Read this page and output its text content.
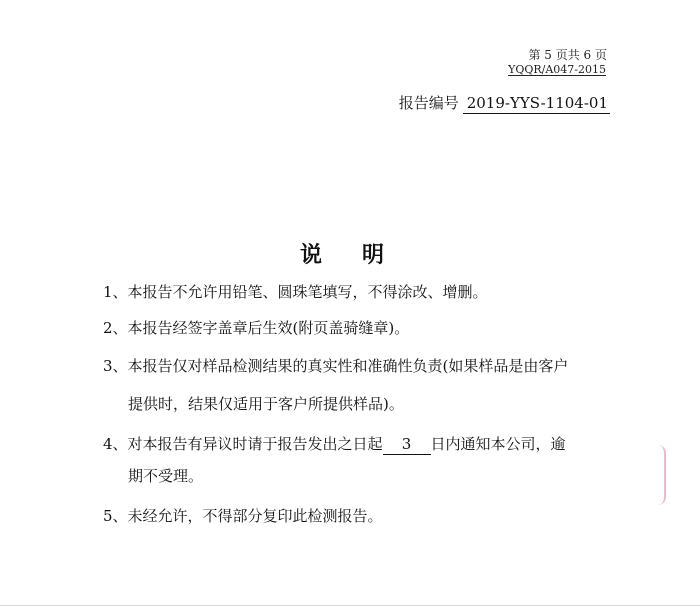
第 5 页共 6 页
YQQR/A047-2015
报告编号 2019-YYS-1104-01
说 明
1、本报告不允许用铅笔、圆珠笔填写，不得涂改、增删。
2、本报告经签字盖章后生效(附页盖骑缝章)。
3、本报告仅对样品检测结果的真实性和准确性负责(如果样品是由客户
提供时，结果仅适用于客户所提供样品)。
4、对本报告有异议时请于报告发出之日起 3 日内通知本公司，逾
期不受理。
5、未经允许，不得部分复印此检测报告。
